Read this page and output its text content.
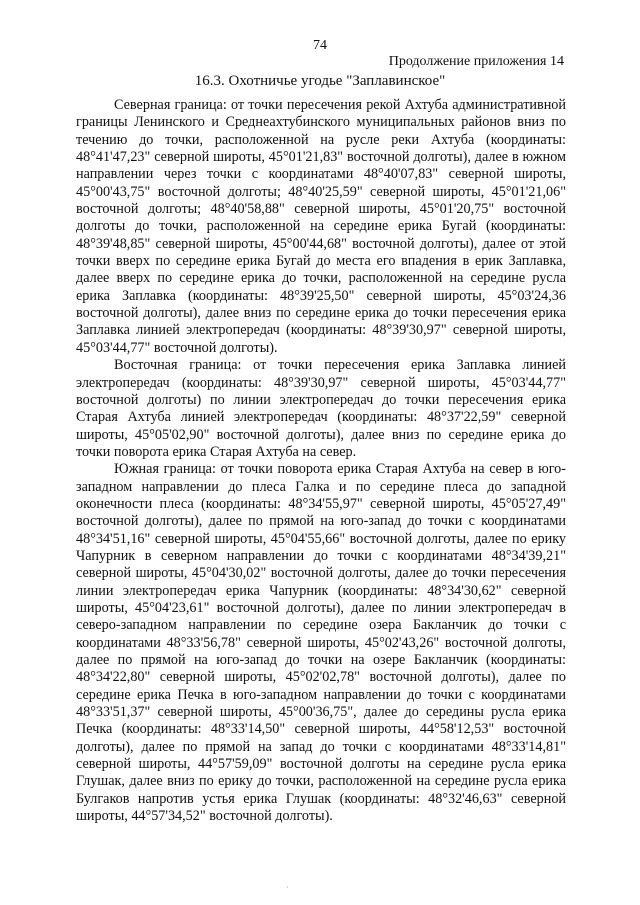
74
Продолжение приложения 14
16.3. Охотничье угодье "Заплавинское"

Северная граница: от точки пересечения рекой Ахтуба административной границы Ленинского и Среднеахтубинского муниципальных районов вниз по течению до точки, расположенной на русле реки Ахтуба (координаты: 48°41'47,23" северной широты, 45°01'21,83" восточной долготы), далее в южном направлении через точки с координатами 48°40'07,83" северной широты, 45°00'43,75" восточной долготы; 48°40'25,59" северной широты, 45°01'21,06" восточной долготы; 48°40'58,88" северной широты, 45°01'20,75" восточной долготы до точки, расположенной на середине ерика Бугай (координаты: 48°39'48,85" северной широты, 45°00'44,68" восточной долготы), далее от этой точки вверх по середине ерика Бугай до места его впадения в ерик Заплавка, далее вверх по середине ерика до точки, расположенной на середине русла ерика Заплавка (координаты: 48°39'25,50" северной широты, 45°03'24,36 восточной долготы), далее вниз по середине ерика до точки пересечения ерика Заплавка линией электропередач (координаты: 48°39'30,97" северной широты, 45°03'44,77" восточной долготы).

Восточная граница: от точки пересечения ерика Заплавка линией электропередач (координаты: 48°39'30,97" северной широты, 45°03'44,77" восточной долготы) по линии электропередач до точки пересечения ерика Старая Ахтуба линией электропередач (координаты: 48°37'22,59" северной широты, 45°05'02,90" восточной долготы), далее вниз по середине ерика до точки поворота ерика Старая Ахтуба на север.

Южная граница: от точки поворота ерика Старая Ахтуба на север в юго-западном направлении до плеса Галка и по середине плеса до западной оконечности плеса (координаты: 48°34'55,97" северной широты, 45°05'27,49" восточной долготы), далее по прямой на юго-запад до точки с координатами 48°34'51,16" северной широты, 45°04'55,66" восточной долготы, далее по ерику Чапурник в северном направлении до точки с координатами 48°34'39,21" северной широты, 45°04'30,02" восточной долготы, далее до точки пересечения линии электропередач ерика Чапурник (координаты: 48°34'30,62" северной широты, 45°04'23,61" восточной долготы), далее по линии электропередач в северо-западном направлении по середине озера Бакланчик до точки с координатами 48°33'56,78" северной широты, 45°02'43,26" восточной долготы, далее по прямой на юго-запад до точки на озере Бакланчик (координаты: 48°34'22,80" северной широты, 45°02'02,78" восточной долготы), далее по середине ерика Печка в юго-западном направлении до точки с координатами 48°33'51,37" северной широты, 45°00'36,75", далее до середины русла ерика Печка (координаты: 48°33'14,50" северной широты, 44°58'12,53" восточной долготы), далее по прямой на запад до точки с координатами 48°33'14,81" северной широты, 44°57'59,09" восточной долготы на середине русла ерика Глушак, далее вниз по ерику до точки, расположенной на середине русла ерика Булгаков напротив устья ерика Глушак (координаты: 48°32'46,63" северной широты, 44°57'34,52" восточной долготы).

·
